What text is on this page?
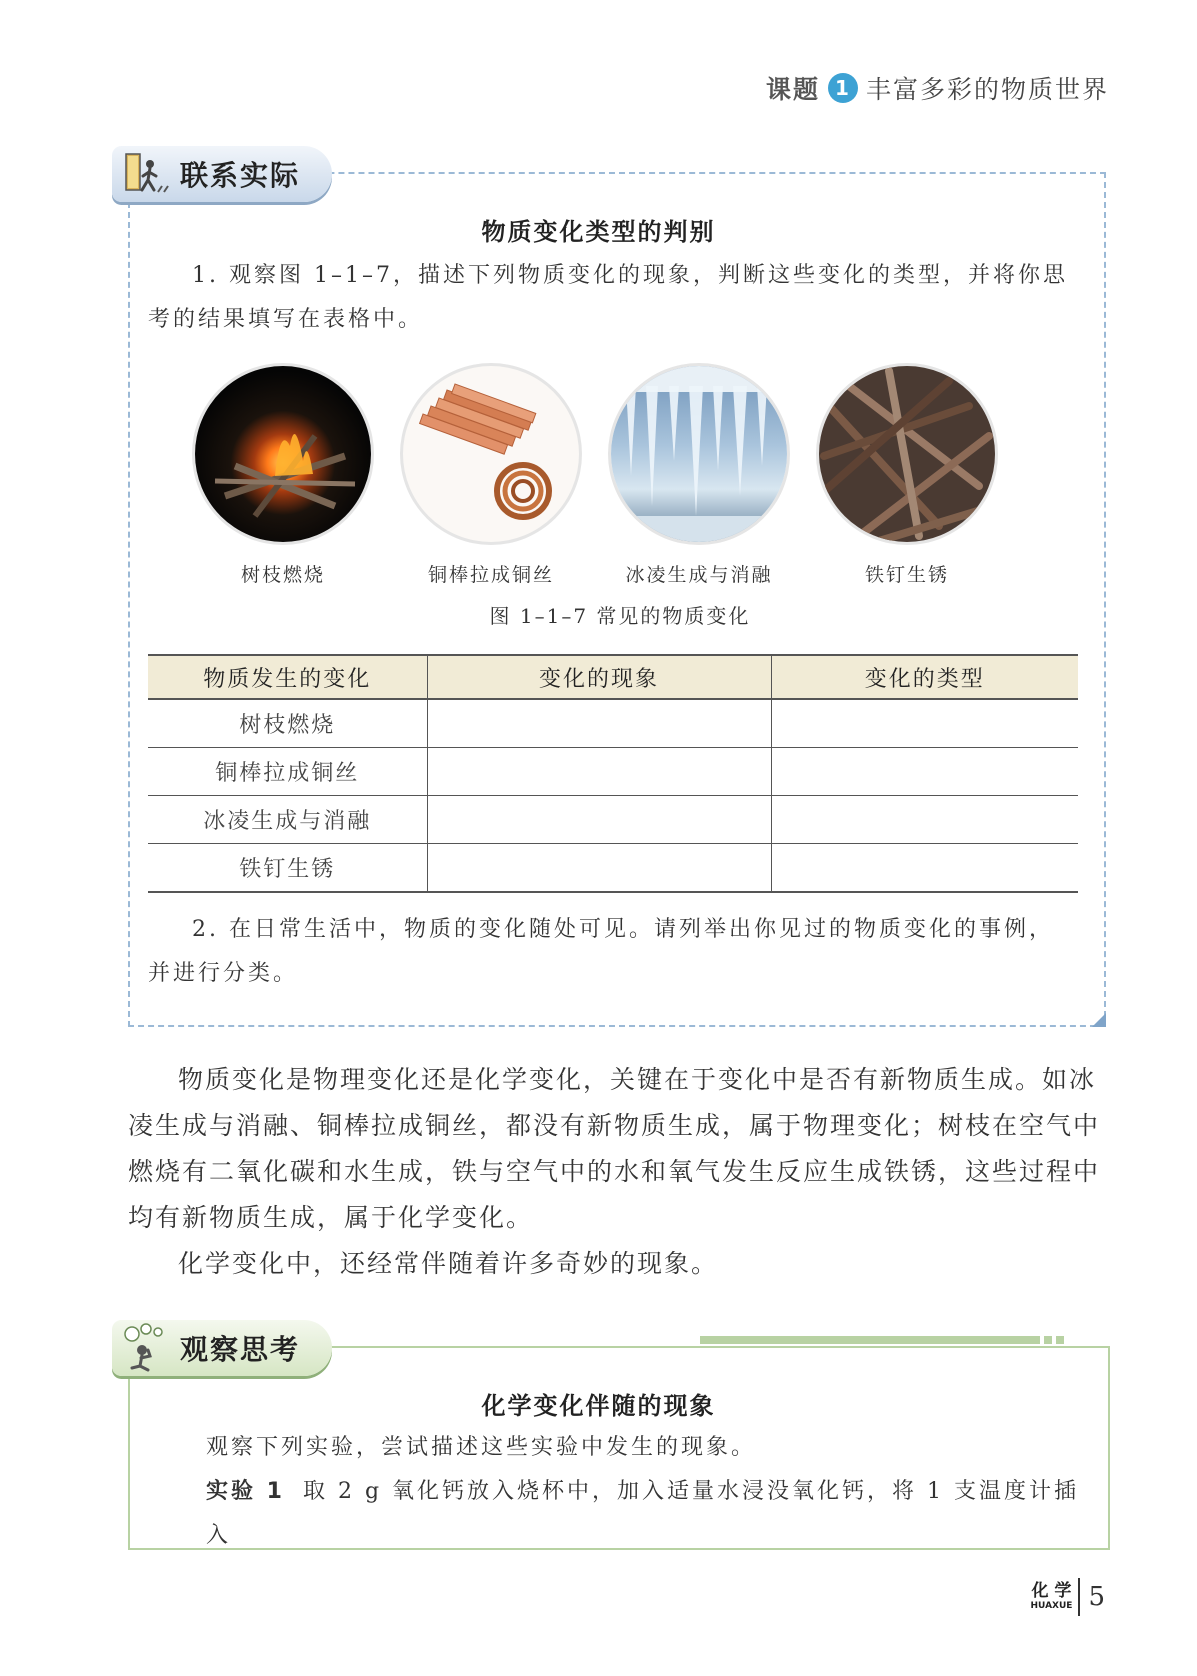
课题 1 丰富多彩的物质世界
联系实际
物质变化类型的判别

1. 观察图 1–1–7，描述下列物质变化的现象，判断这些变化的类型，并将你思考的结果填写在表格中。

树枝燃烧	铜棒拉成铜丝	冰凌生成与消融	铁钉生锈
图 1–1–7 常见的物质变化
物质发生的变化	变化的现象	变化的类型
树枝燃烧		
铜棒拉成铜丝		
冰凌生成与消融		
铁钉生锈		

2. 在日常生活中，物质的变化随处可见。请列举出你见过的物质变化的事例，并进行分类。

物质变化是物理变化还是化学变化，关键在于变化中是否有新物质生成。如冰凌生成与消融、铜棒拉成铜丝，都没有新物质生成，属于物理变化；树枝在空气中燃烧有二氧化碳和水生成，铁与空气中的水和氧气发生反应生成铁锈，这些过程中均有新物质生成，属于化学变化。

化学变化中，还经常伴随着许多奇妙的现象。

观察思考
化学变化伴随的现象

观察下列实验，尝试描述这些实验中发生的现象。

实验 1 取 2 g 氧化钙放入烧杯中，加入适量水浸没氧化钙，将 1 支温度计插入

化 学
HUAXUE 5
